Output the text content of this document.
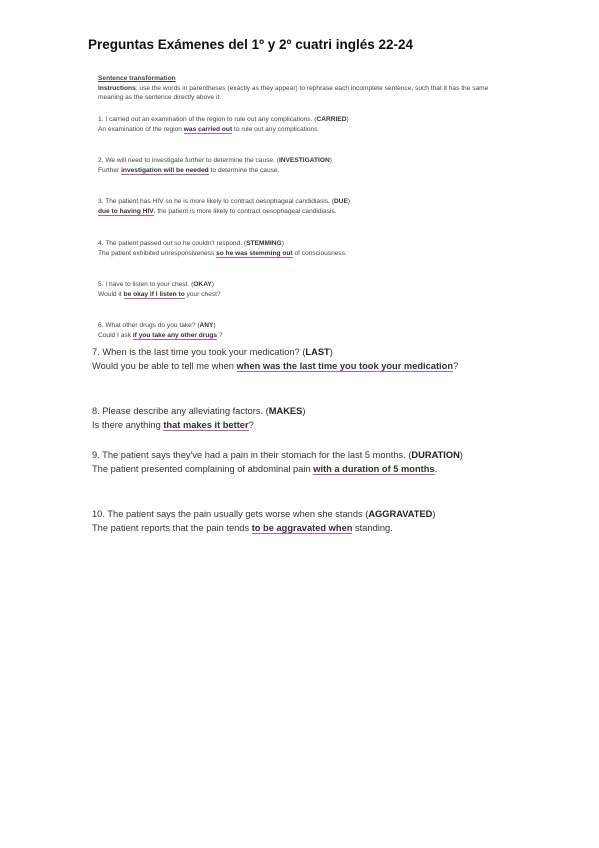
Preguntas Exámenes del 1º y 2º cuatri inglés 22-24
Sentence transformation
Instructions: use the words in parentheses (exactly as they appear) to rephrase each incomplete sentence, such that it has the same meaning as the sentence directly above it.
1. I carried out an examination of the region to rule out any complications. (CARRIED)
An examination of the region was carried out to rule out any complications
2. We will need to investigate further to determine the cause. (INVESTIGATION)
Further investigation will be needed to determine the cause.
3. The patient has HIV so he is more likely to contract oesophageal candidiasis. (DUE)
due to having HIV, the patient is more likely to contract oesophageal candidiasis.
4. The patient passed out so he couldn't respond. (STEMMING)
The patient exhibited unresponsiveness so he was stemming out of consciousness.
5. I have to listen to your chest. (OKAY)
Would it be okay if I listen to your chest?
6. What other drugs do you take? (ANY)
Could I ask if you take any other drugs ?
7. When is the last time you took your medication? (LAST)
Would you be able to tell me when when was the last time you took your medication?
8. Please describe any alleviating factors. (MAKES)
Is there anything that makes it better?
9. The patient says they've had a pain in their stomach for the last 5 months. (DURATION)
The patient presented complaining of abdominal pain with a duration of 5 months.
10. The patient says the pain usually gets worse when she stands (AGGRAVATED)
The patient reports that the pain tends to be aggravated when standing.
